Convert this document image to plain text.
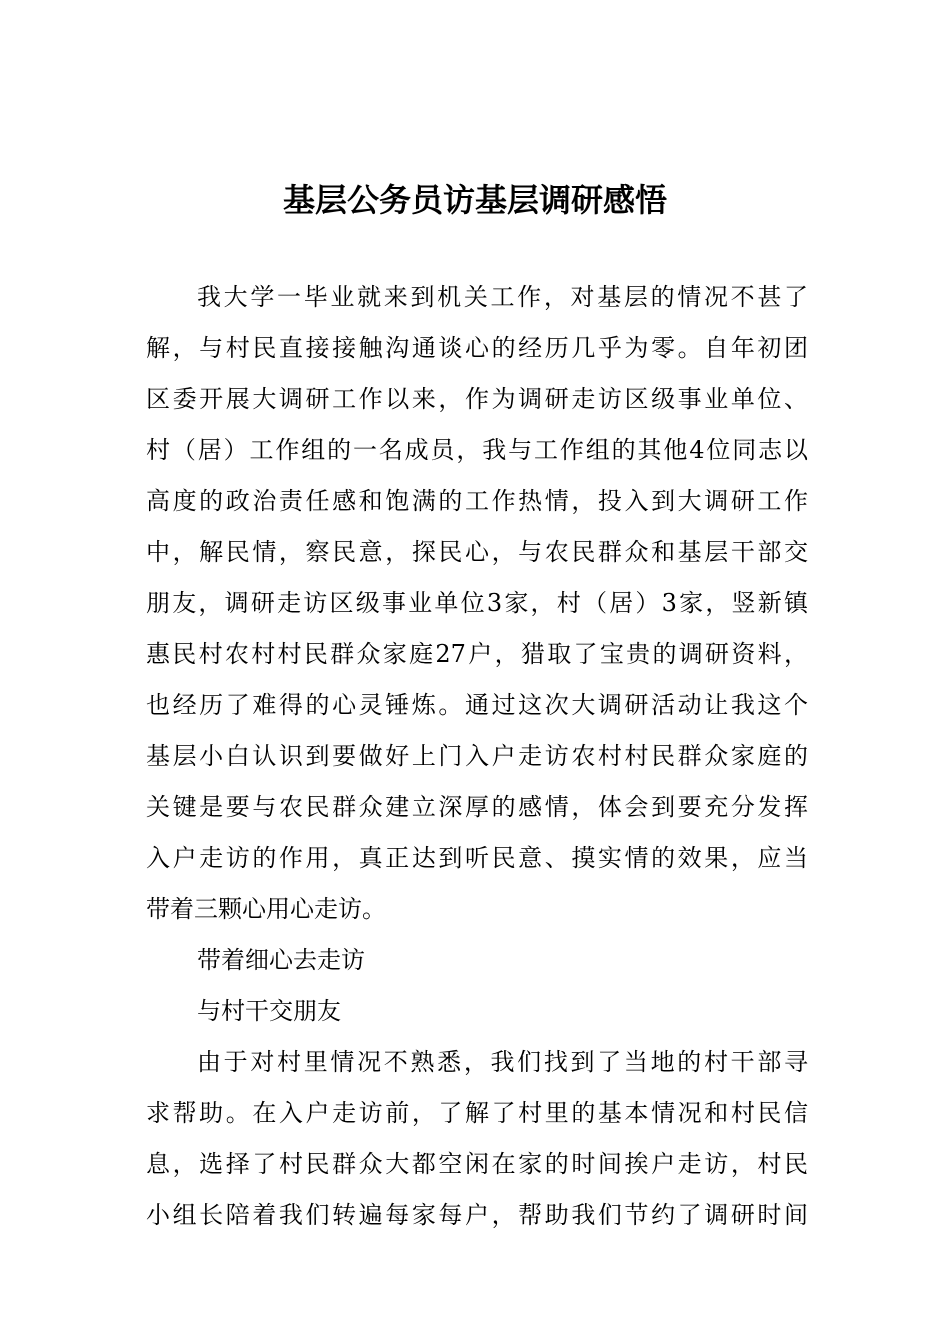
基层公务员访基层调研感悟
我大学一毕业就来到机关工作，对基层的情况不甚了
解，与村民直接接触沟通谈心的经历几乎为零。自年初团
区委开展大调研工作以来，作为调研走访区级事业单位、
村（居）工作组的一名成员，我与工作组的其他4位同志以
高度的政治责任感和饱满的工作热情，投入到大调研工作
中，解民情，察民意，探民心，与农民群众和基层干部交
朋友，调研走访区级事业单位3家，村（居）3家，竖新镇
惠民村农村村民群众家庭27户，猎取了宝贵的调研资料，
也经历了难得的心灵锤炼。通过这次大调研活动让我这个
基层小白认识到要做好上门入户走访农村村民群众家庭的
关键是要与农民群众建立深厚的感情，体会到要充分发挥
入户走访的作用，真正达到听民意、摸实情的效果，应当
带着三颗心用心走访。
带着细心去走访
与村干交朋友
由于对村里情况不熟悉，我们找到了当地的村干部寻
求帮助。在入户走访前，了解了村里的基本情况和村民信
息，选择了村民群众大都空闲在家的时间挨户走访，村民
小组长陪着我们转遍每家每户，帮助我们节约了调研时间
